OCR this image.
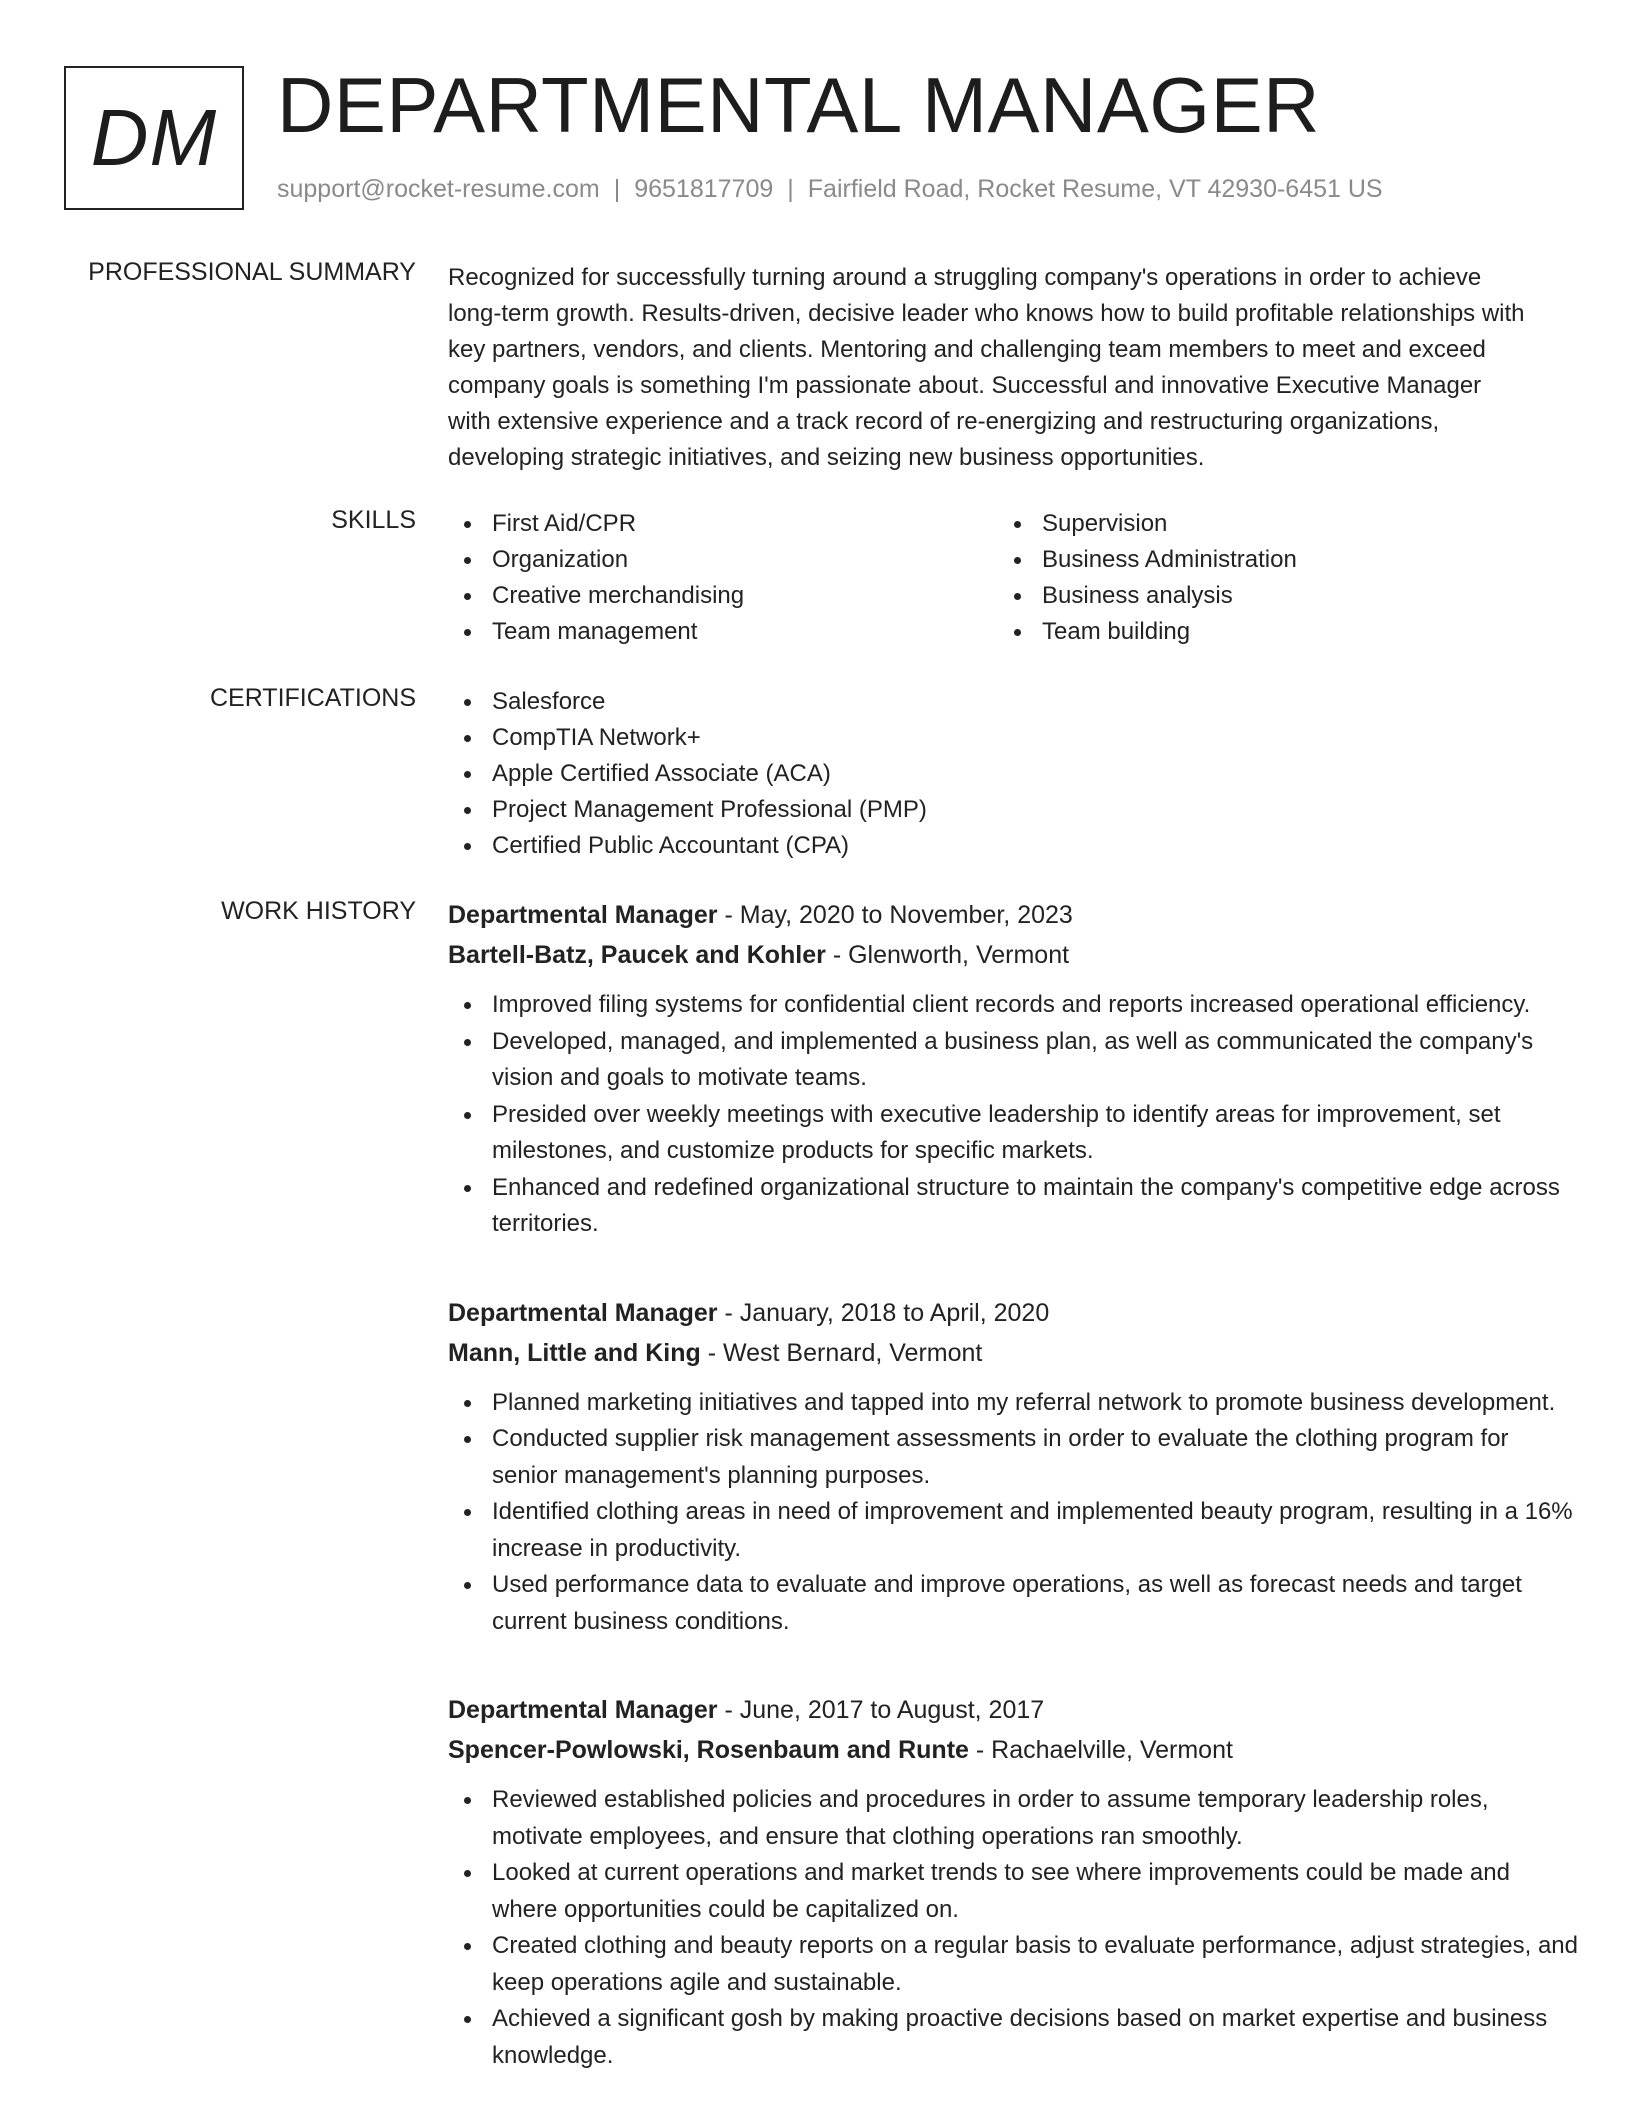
DM DEPARTMENTAL MANAGER
support@rocket-resume.com | 9651817709 | Fairfield Road, Rocket Resume, VT 42930-6451 US
PROFESSIONAL SUMMARY Recognized for successfully turning around a struggling company's operations in order to achieve long-term growth. Results-driven, decisive leader who knows how to build profitable relationships with key partners, vendors, and clients. Mentoring and challenging team members to meet and exceed company goals is something I'm passionate about. Successful and innovative Executive Manager with extensive experience and a track record of re-energizing and restructuring organizations, developing strategic initiatives, and seizing new business opportunities.
SKILLS	First Aid/CPR
Organization
Creative merchandising
Team management
Supervision
Business Administration
Business analysis
Team building
CERTIFICATIONS	Salesforce
CompTIA Network+
Apple Certified Associate (ACA)
Project Management Professional (PMP)
Certified Public Accountant (CPA)
WORK HISTORY Departmental Manager - May, 2020 to November, 2023
Bartell-Batz, Paucek and Kohler - Glenworth, Vermont
Improved filing systems for confidential client records and reports increased operational efficiency.
Developed, managed, and implemented a business plan, as well as communicated the company's vision and goals to motivate teams.
Presided over weekly meetings with executive leadership to identify areas for improvement, set milestones, and customize products for specific markets.
Enhanced and redefined organizational structure to maintain the company's competitive edge across territories.
Departmental Manager - January, 2018 to April, 2020
Mann, Little and King - West Bernard, Vermont
Planned marketing initiatives and tapped into my referral network to promote business development.
Conducted supplier risk management assessments in order to evaluate the clothing program for senior management's planning purposes.
Identified clothing areas in need of improvement and implemented beauty program, resulting in a 16% increase in productivity.
Used performance data to evaluate and improve operations, as well as forecast needs and target current business conditions.
Departmental Manager - June, 2017 to August, 2017
Spencer-Powlowski, Rosenbaum and Runte - Rachaelville, Vermont
Reviewed established policies and procedures in order to assume temporary leadership roles, motivate employees, and ensure that clothing operations ran smoothly.
Looked at current operations and market trends to see where improvements could be made and where opportunities could be capitalized on.
Created clothing and beauty reports on a regular basis to evaluate performance, adjust strategies, and keep operations agile and sustainable.
Achieved a significant gosh by making proactive decisions based on market expertise and business knowledge.
